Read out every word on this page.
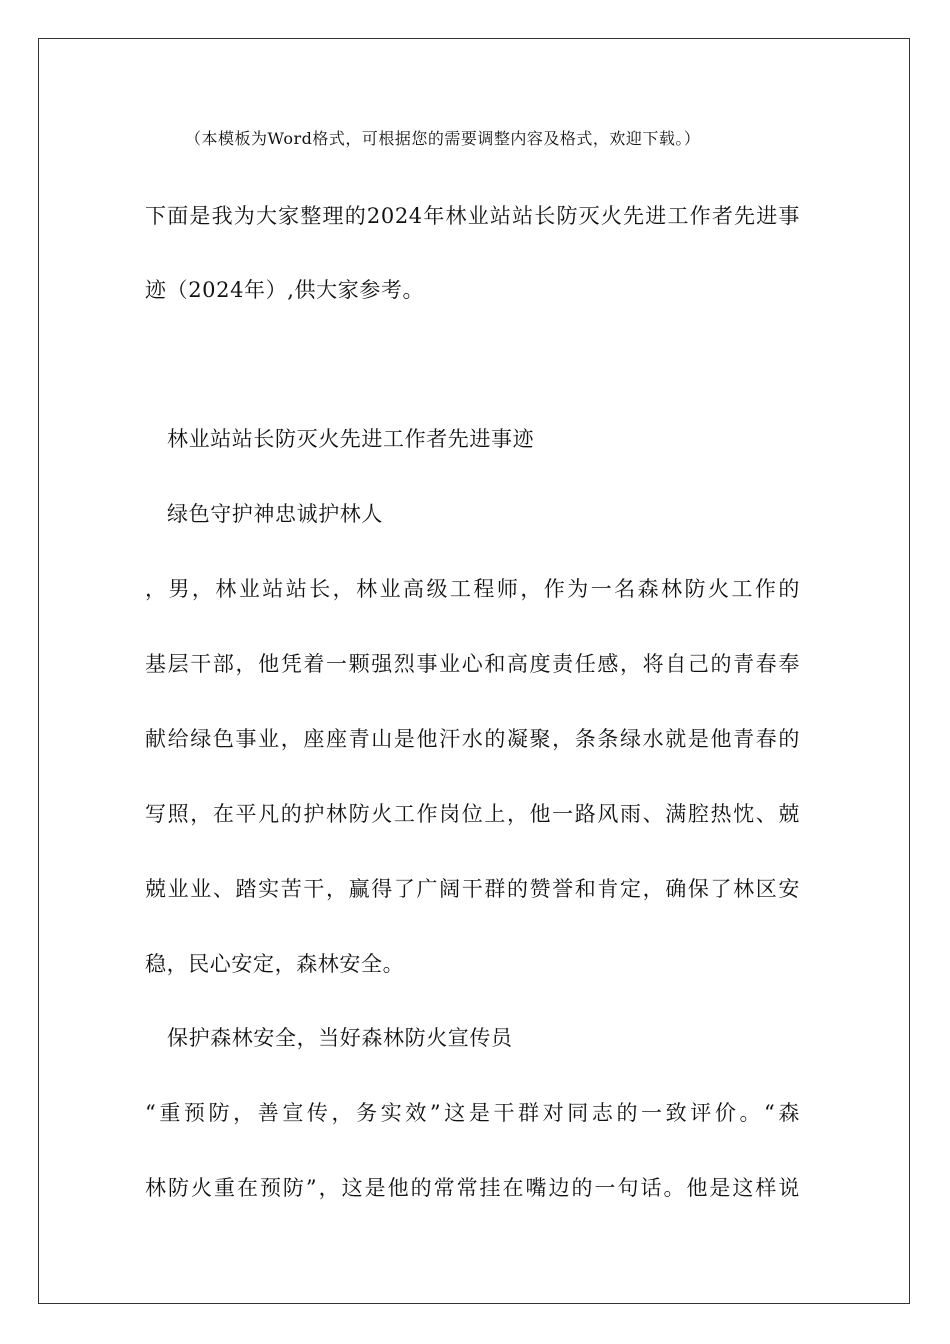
（本模板为Word格式，可根据您的需要调整内容及格式，欢迎下载。）
下面是我为大家整理的2024年林业站站长防灭火先进工作者先进事
迹（2024年）,供大家参考。
林业站站长防灭火先进工作者先进事迹
绿色守护神忠诚护林人
，男，林业站站长，林业高级工程师，作为一名森林防火工作的
基层干部，他凭着一颗强烈事业心和高度责任感，将自己的青春奉
献给绿色事业，座座青山是他汗水的凝聚，条条绿水就是他青春的
写照，在平凡的护林防火工作岗位上，他一路风雨、满腔热忱、兢
兢业业、踏实苦干，赢得了广阔干群的赞誉和肯定，确保了林区安
稳，民心安定，森林安全。
保护森林安全，当好森林防火宣传员
“重预防，善宣传，务实效”这是干群对同志的一致评价。“森
林防火重在预防”，这是他的常常挂在嘴边的一句话。他是这样说
